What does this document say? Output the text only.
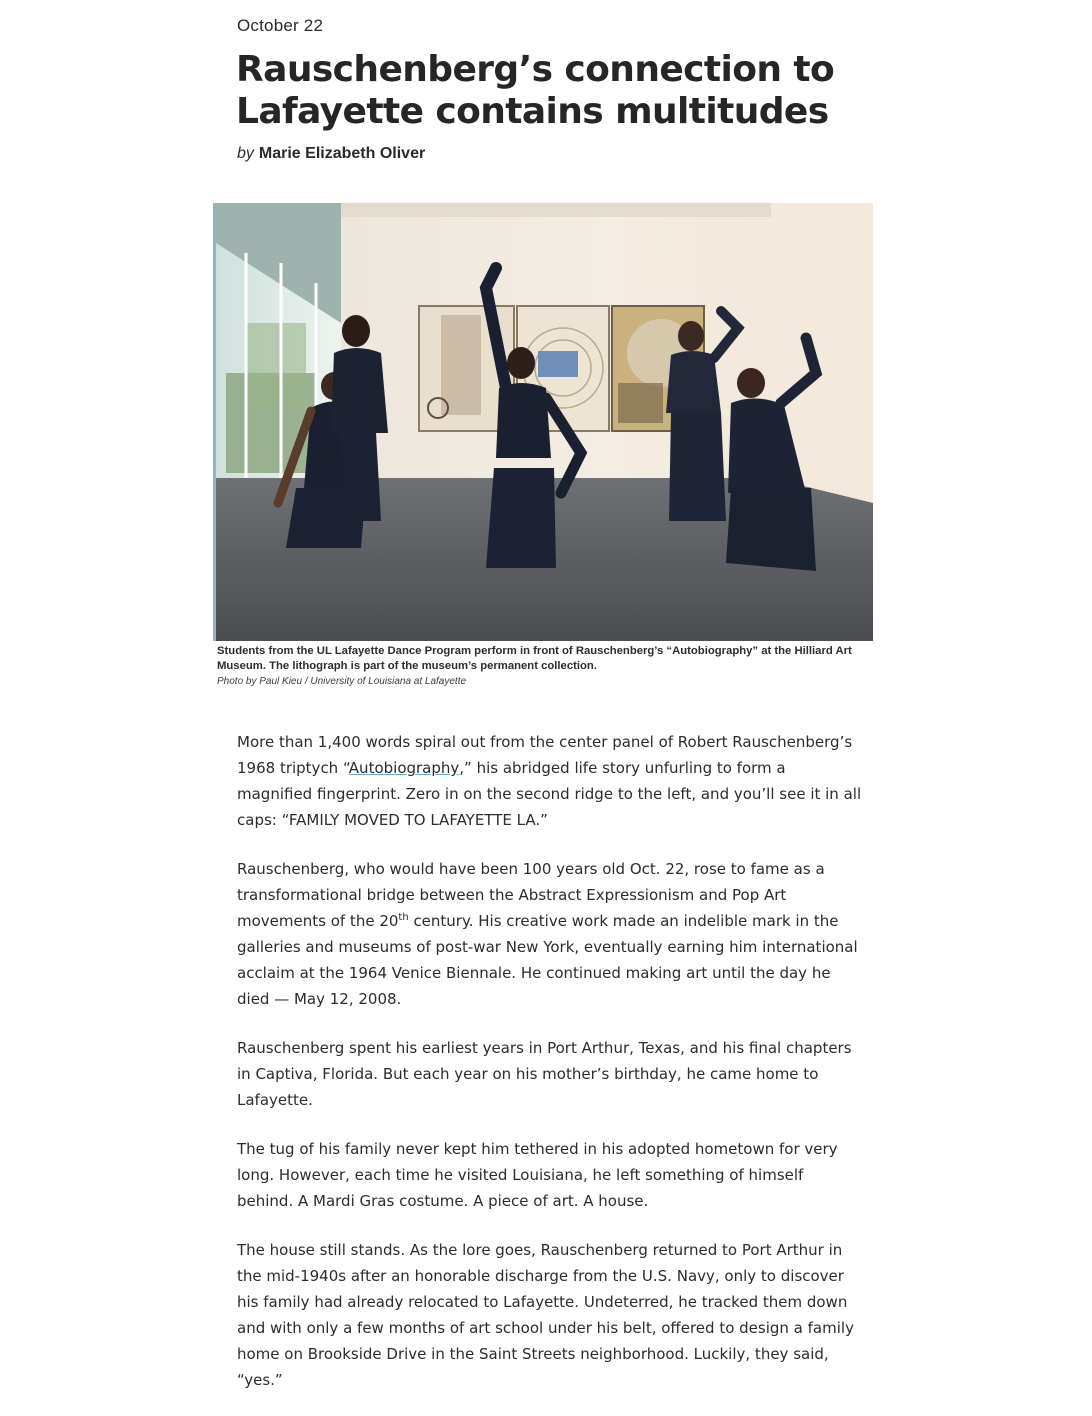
October 22
Rauschenberg’s connection to Lafayette contains multitudes
by Marie Elizabeth Oliver
Students from the UL Lafayette Dance Program perform in front of Rauschenberg’s “Autobiography” at the Hilliard Art Museum. The lithograph is part of the museum’s permanent collection.
Photo by Paul Kieu / University of Louisiana at Lafayette

More than 1,400 words spiral out from the center panel of Robert Rauschenberg’s 1968 triptych “Autobiography,” his abridged life story unfurling to form a magnified fingerprint. Zero in on the second ridge to the left, and you’ll see it in all caps: “FAMILY MOVED TO LAFAYETTE LA.”

Rauschenberg, who would have been 100 years old Oct. 22, rose to fame as a transformational bridge between the Abstract Expressionism and Pop Art movements of the 20th century. His creative work made an indelible mark in the galleries and museums of post-war New York, eventually earning him international acclaim at the 1964 Venice Biennale. He continued making art until the day he died — May 12, 2008.

Rauschenberg spent his earliest years in Port Arthur, Texas, and his final chapters in Captiva, Florida. But each year on his mother’s birthday, he came home to Lafayette.

The tug of his family never kept him tethered in his adopted hometown for very long. However, each time he visited Louisiana, he left something of himself behind. A Mardi Gras costume. A piece of art. A house.

The house still stands. As the lore goes, Rauschenberg returned to Port Arthur in the mid-1940s after an honorable discharge from the U.S. Navy, only to discover his family had already relocated to Lafayette. Undeterred, he tracked them down and with only a few months of art school under his belt, offered to design a family home on Brookside Drive in the Saint Streets neighborhood. Luckily, they said, “yes.”
